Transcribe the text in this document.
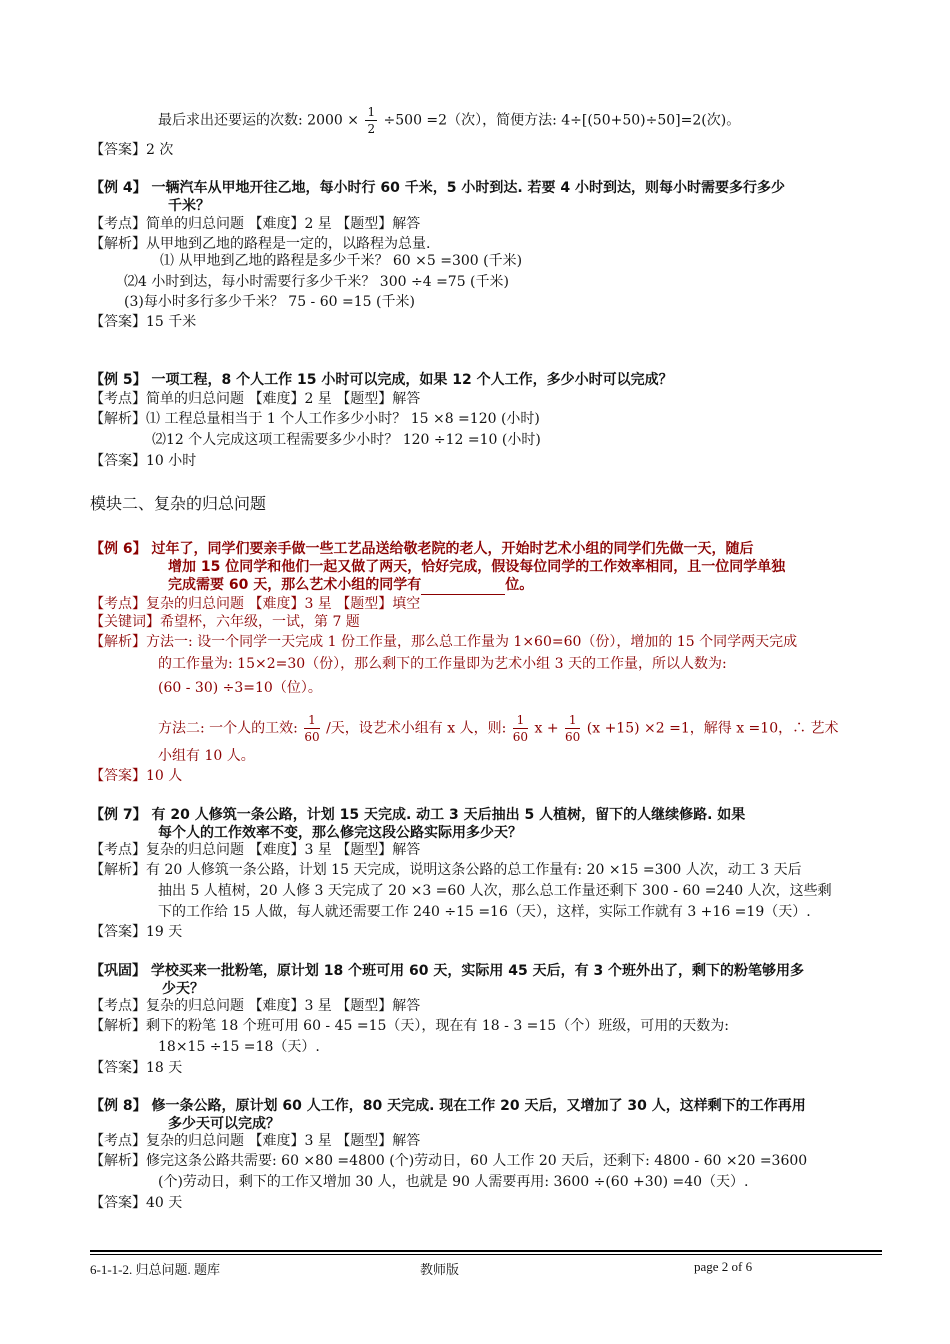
最后求出还要运的次数: $2000 \times \frac{1}{2} \div 500 =2$（次），简便方法: 4÷[(50+50)÷50]=2(次)。
【答案】2 次
【例 4】 一辆汽车从甲地开往乙地，每小时行 60 千米，5 小时到达. 若要 4 小时到达，则每小时需要多行多少
千米？
【考点】简单的归总问题 【难度】2 星 【题型】解答
【解析】从甲地到乙地的路程是一定的，以路程为总量.
⑴ 从甲地到乙地的路程是多少千米？ 60 ×5 =300 (千米)
⑵4 小时到达，每小时需要行多少千米？ 300 ÷4 =75 (千米)
(3)每小时多行多少千米？ 75 - 60 =15 (千米)
【答案】15 千米
【例 5】 一项工程，8 个人工作 15 小时可以完成，如果 12 个人工作，多少小时可以完成？
【考点】简单的归总问题 【难度】2 星 【题型】解答
【解析】⑴ 工程总量相当于 1 个人工作多少小时？ 15 ×8 =120 (小时)
⑵12 个人完成这项工程需要多少小时？ 120 ÷12 =10 (小时)
【答案】10 小时
模块二、复杂的归总问题
【例 6】 过年了，同学们要亲手做一些工艺品送给敬老院的老人，开始时艺术小组的同学们先做一天，随后
增加 15 位同学和他们一起又做了两天，恰好完成，假设每位同学的工作效率相同，且一位同学单独
完成需要 60 天，那么艺术小组的同学有	位。
【考点】复杂的归总问题 【难度】3 星 【题型】填空
【关键词】希望杯，六年级，一试，第 7 题
【解析】方法一: 设一个同学一天完成 1 份工作量，那么总工作量为 1×60=60（份），增加的 15 个同学两天完成
的工作量为: 15×2=30（份），那么剩下的工作量即为艺术小组 3 天的工作量，所以人数为:
(60 - 30) ÷3=10（位）。
方法二: 一个人的工效: $\frac{1}{60}$ /天，设艺术小组有 x 人，则: $\frac{1}{60}$ $x + \frac{1}{60} (x +15) \times 2 =1$，解得 x =10，∴ 艺术
小组有 10 人。
【答案】10 人
【例 7】 有 20 人修筑一条公路，计划 15 天完成. 动工 3 天后抽出 5 人植树，留下的人继续修路. 如果
每个人的工作效率不变，那么修完这段公路实际用多少天？
【考点】复杂的归总问题 【难度】3 星 【题型】解答
【解析】有 20 人修筑一条公路，计划 15 天完成，说明这条公路的总工作量有: 20 ×15 =300 人次，动工 3 天后
抽出 5 人植树，20 人修 3 天完成了 20 ×3 =60 人次，那么总工作量还剩下 300 - 60 =240 人次，这些剩
下的工作给 15 人做，每人就还需要工作 240 ÷15 =16（天），这样，实际工作就有 3 +16 =19（天）.
【答案】19 天
【巩固】 学校买来一批粉笔，原计划 18 个班可用 60 天，实际用 45 天后，有 3 个班外出了，剩下的粉笔够用多
少天？
【考点】复杂的归总问题 【难度】3 星 【题型】解答
【解析】剩下的粉笔 18 个班可用 60 - 45 =15（天），现在有 18 - 3 =15（个）班级，可用的天数为:
18×15 ÷15 =18（天）.
【答案】18 天
【例 8】 修一条公路，原计划 60 人工作，80 天完成. 现在工作 20 天后，又增加了 30 人，这样剩下的工作再用
多少天可以完成？
【考点】复杂的归总问题 【难度】3 星 【题型】解答
【解析】修完这条公路共需要: 60 ×80 =4800 (个)劳动日，60 人工作 20 天后，还剩下: 4800 - 60 ×20 =3600
(个)劳动日，剩下的工作又增加 30 人，也就是 90 人需要再用: 3600 ÷(60 +30) =40（天）.
【答案】40 天
6-1-1-2. 归总问题. 题库	教师版	page 2 of 6
